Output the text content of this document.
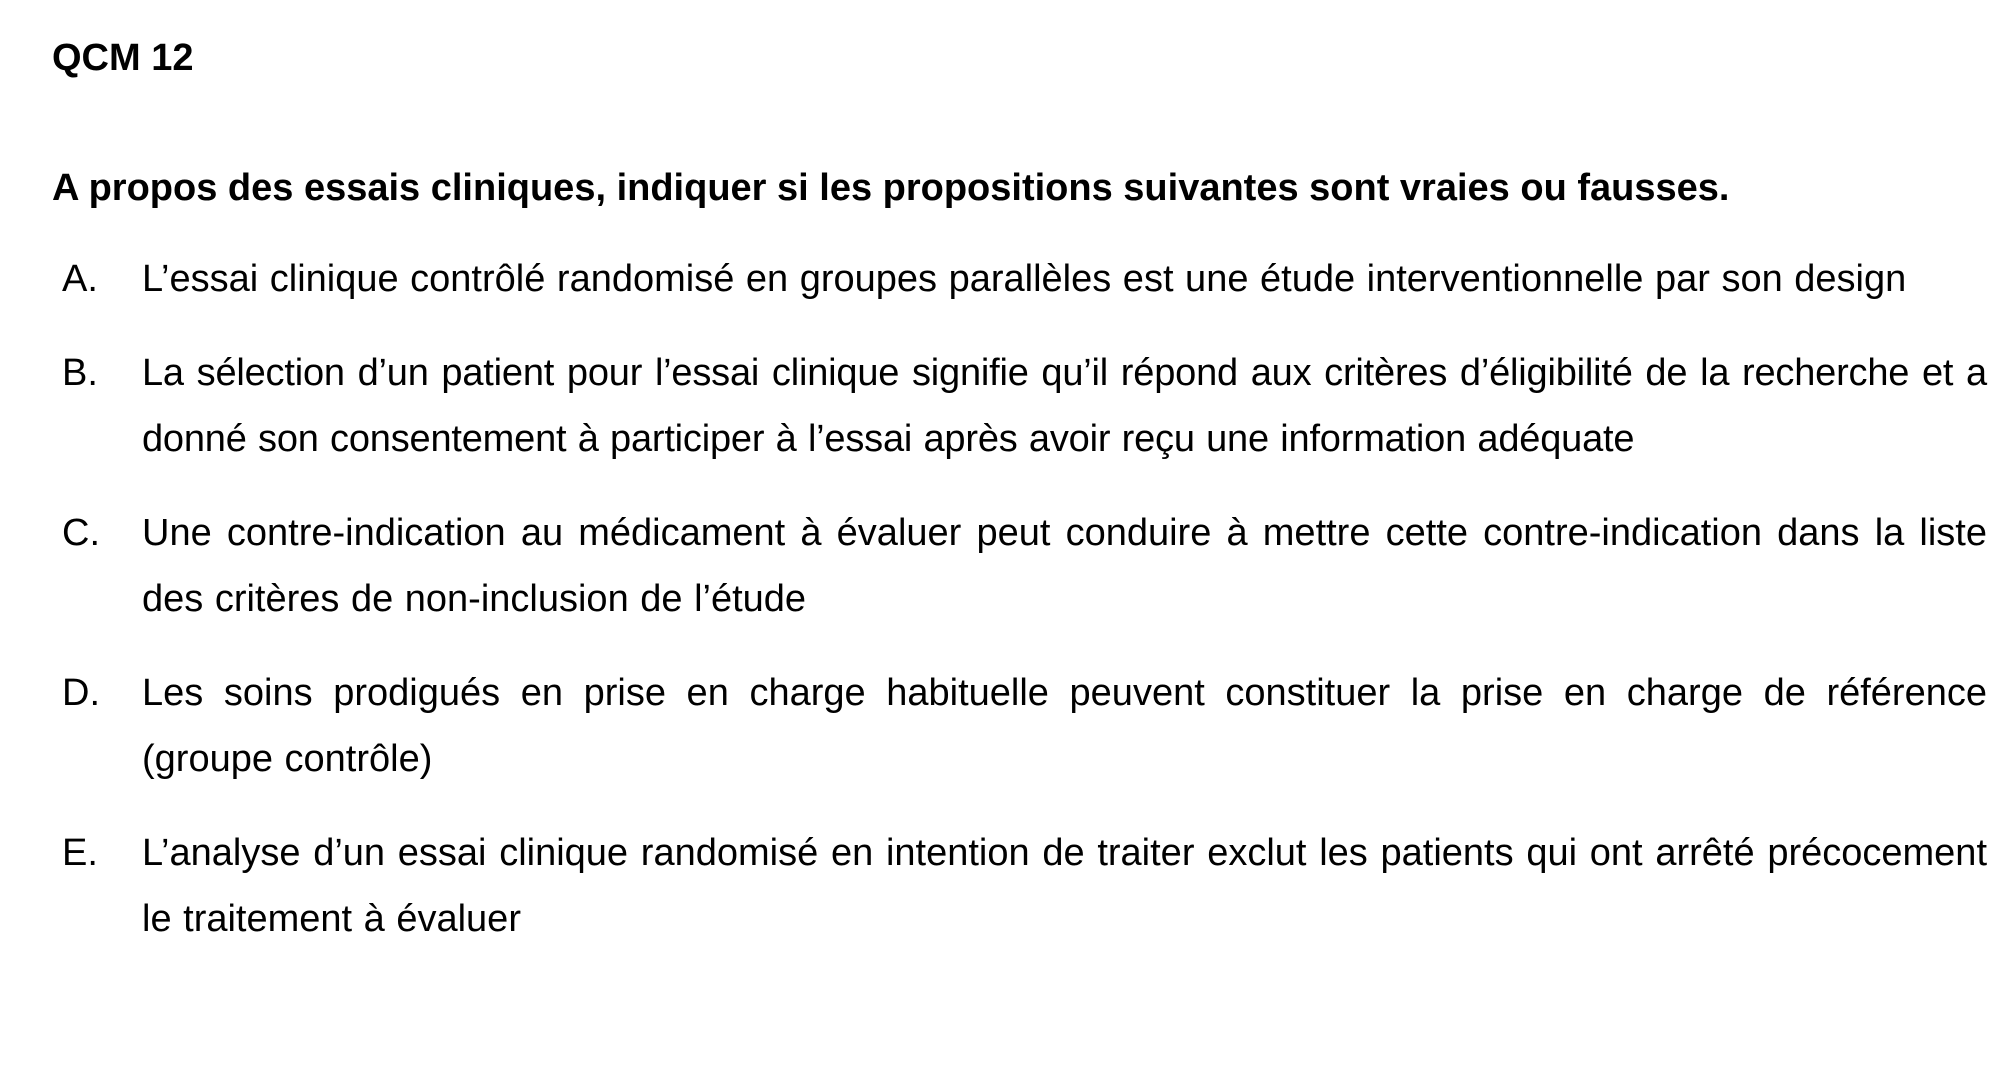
QCM 12

A propos des essais cliniques, indiquer si les propositions suivantes sont vraies ou fausses.

A. L’essai clinique contrôlé randomisé en groupes parallèles est une étude interventionnelle par son design
B. La sélection d’un patient pour l’essai clinique signifie qu’il répond aux critères d’éligibilité de la recherche et a donné son consentement à participer à l’essai après avoir reçu une information adéquate
C. Une contre-indication au médicament à évaluer peut conduire à mettre cette contre-indication dans la liste des critères de non-inclusion de l’étude
D. Les soins prodigués en prise en charge habituelle peuvent constituer la prise en charge de référence (groupe contrôle)
E. L’analyse d’un essai clinique randomisé en intention de traiter exclut les patients qui ont arrêté précocement le traitement à évaluer
